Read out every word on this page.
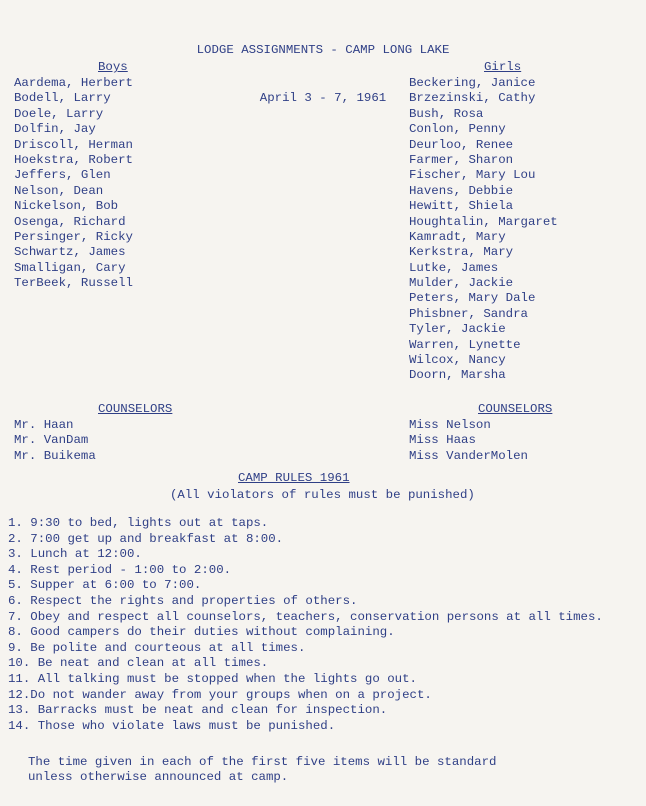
LODGE ASSIGNMENTS - CAMP LONG LAKE

April 3 - 7, 1961

Boys
Aardema, Herbert
Bodell, Larry
Doele, Larry
Dolfin, Jay
Driscoll, Herman
Hoekstra, Robert
Jeffers, Glen
Nelson, Dean
Nickelson, Bob
Osenga, Richard
Persinger, Ricky
Schwartz, James
Smalligan, Cary
TerBeek, Russell
Girls
Beckering, Janice
Brzezinski, Cathy
Bush, Rosa
Conlon, Penny
Deurloo, Renee
Farmer, Sharon
Fischer, Mary Lou
Havens, Debbie
Hewitt, Shiela
Houghtalin, Margaret
Kamradt, Mary
Kerkstra, Mary
Lutke, James
Mulder, Jackie
Peters, Mary Dale
Phisbner, Sandra
Tyler, Jackie
Warren, Lynette
Wilcox, Nancy
Doorn, Marsha
COUNSELORS
Mr. Haan
Mr. VanDam
Mr. Buikema
COUNSELORS
Miss Nelson
Miss Haas
Miss VanderMolen
CAMP RULES 1961
(All violators of rules must be punished)
1. 9:30 to bed, lights out at taps.
2. 7:00 get up and breakfast at 8:00.
3. Lunch at 12:00.
4. Rest period - 1:00 to 2:00.
5. Supper at 6:00 to 7:00.
6. Respect the rights and properties of others.
7. Obey and respect all counselors, teachers, conservation persons at all times.
8. Good campers do their duties without complaining.
9. Be polite and courteous at all times.
10. Be neat and clean at all times.
11. All talking must be stopped when the lights go out.
12.Do not wander away from your groups when on a project.
13. Barracks must be neat and clean for inspection.
14. Those who violate laws must be punished.
The time given in each of the first five items will be standard
unless otherwise announced at camp.
